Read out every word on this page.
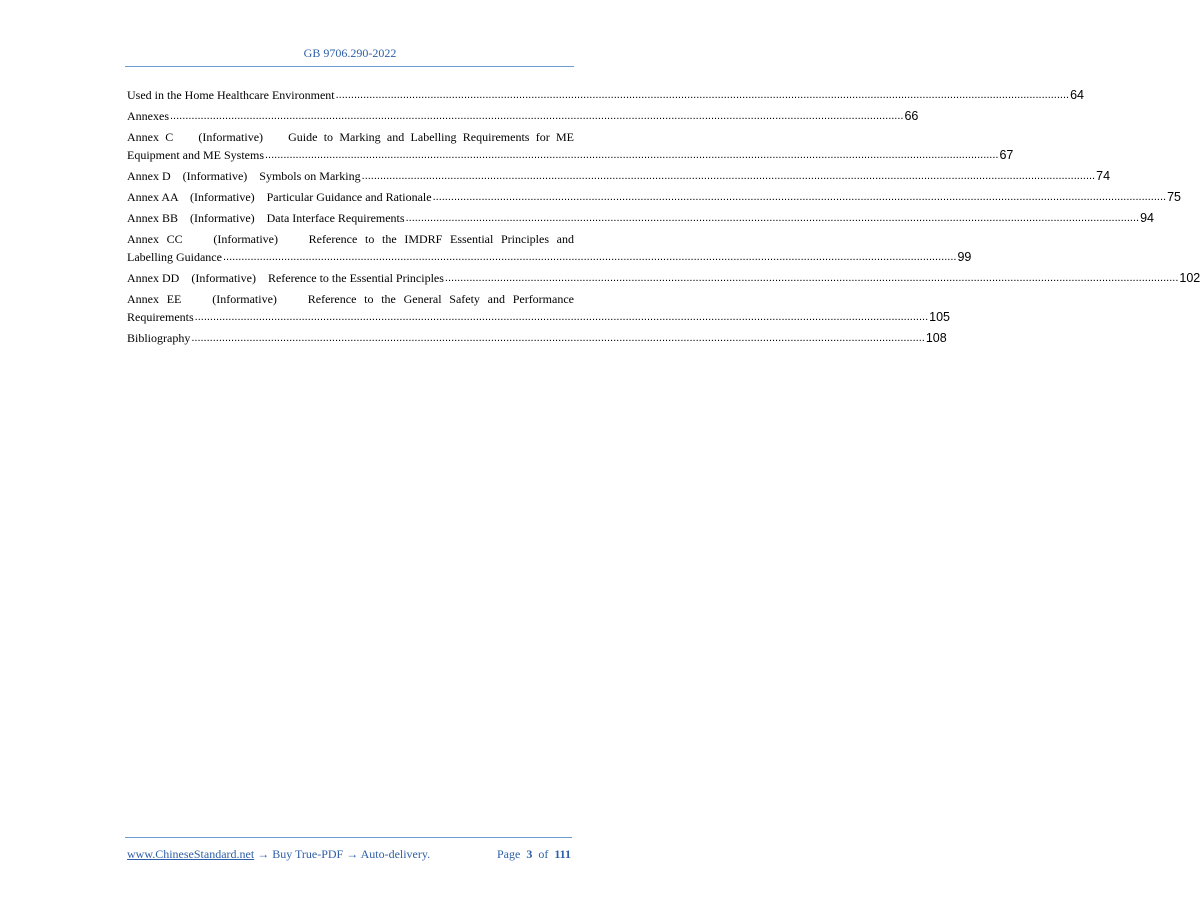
GB 9706.290-2022
Used in the Home Healthcare Environment .....	64
Annexes .....	66
Annex C    (Informative)    Guide to Marking and Labelling Requirements for ME
Equipment and ME Systems .....	67
Annex D    (Informative)    Symbols on Marking .....	74
Annex AA    (Informative)    Particular Guidance and Rationale .....	75
Annex BB    (Informative)    Data Interface Requirements .....	94
Annex CC    (Informative)    Reference to the IMDRF Essential Principles and
Labelling Guidance .....	99
Annex DD    (Informative)    Reference to the Essential Principles .....	102
Annex EE    (Informative)    Reference to the General Safety and Performance
Requirements .....	105
Bibliography .....	108
www.ChineseStandard.net → Buy True-PDF → Auto-delivery.	Page 3 of 111
